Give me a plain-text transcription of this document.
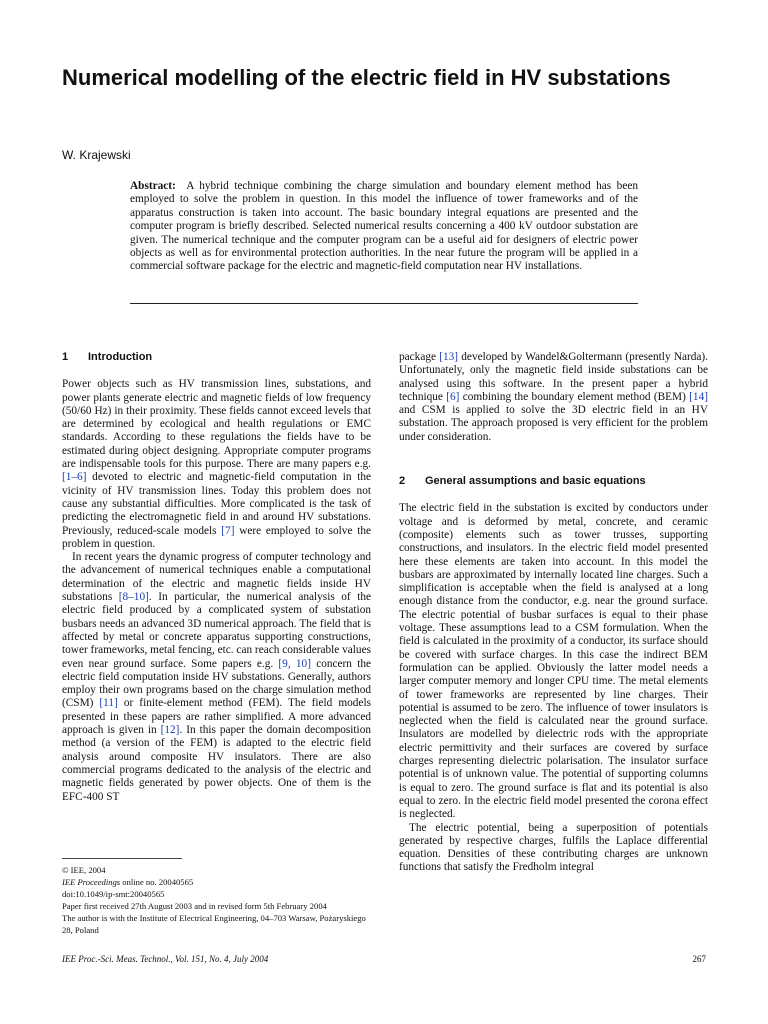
Numerical modelling of the electric field in HV substations
W. Krajewski

Abstract: A hybrid technique combining the charge simulation and boundary element method has been employed to solve the problem in question. In this model the influence of tower frameworks and of the apparatus construction is taken into account. The basic boundary integral equations are presented and the computer program is briefly described. Selected numerical results concerning a 400 kV outdoor substation are given. The numerical technique and the computer program can be a useful aid for designers of electric power objects as well as for environmental protection authorities. In the near future the program will be applied in a commercial software package for the electric and magnetic-field computation near HV installations.

1 Introduction

Power objects such as HV transmission lines, substations, and power plants generate electric and magnetic fields of low frequency (50/60 Hz) in their proximity. These fields cannot exceed levels that are determined by ecological and health regulations or EMC standards. According to these regulations the fields have to be estimated during object designing. Appropriate computer programs are indispensable tools for this purpose. There are many papers e.g. [1–6] devoted to electric and magnetic-field computation in the vicinity of HV transmission lines. Today this problem does not cause any substantial difficulties. More complicated is the task of predicting the electromagnetic field in and around HV substations. Previously, reduced-scale models [7] were employed to solve the problem in question.

In recent years the dynamic progress of computer technology and the advancement of numerical techniques enable a computational determination of the electric and magnetic fields inside HV substations [8–10]. In particular, the numerical analysis of the electric field produced by a complicated system of substation busbars needs an advanced 3D numerical approach. The field that is affected by metal or concrete apparatus supporting constructions, tower frameworks, metal fencing, etc. can reach considerable values even near ground surface. Some papers e.g. [9, 10] concern the electric field computation inside HV substations. Generally, authors employ their own programs based on the charge simulation method (CSM) [11] or finite-element method (FEM). The field models presented in these papers are rather simplified. A more advanced approach is given in [12]. In this paper the domain decomposition method (a version of the FEM) is adapted to the electric field analysis around composite HV insulators. There are also commercial programs dedicated to the analysis of the electric and magnetic fields generated by power objects. One of them is the EFC-400 ST

© IEE, 2004
IEE Proceedings online no. 20040565
doi:10.1049/ip-smt:20040565
Paper first received 27th August 2003 and in revised form 5th February 2004
The author is with the Institute of Electrical Engineering, 04–703 Warsaw, Pożaryskiego 28, Poland

package [13] developed by Wandel&Goltermann (presently Narda). Unfortunately, only the magnetic field inside substations can be analysed using this software. In the present paper a hybrid technique [6] combining the boundary element method (BEM) [14] and CSM is applied to solve the 3D electric field in an HV substation. The approach proposed is very efficient for the problem under consideration.

2 General assumptions and basic equations

The electric field in the substation is excited by conductors under voltage and is deformed by metal, concrete, and ceramic (composite) elements such as tower trusses, supporting constructions, and insulators. In the electric field model presented here these elements are taken into account. In this model the busbars are approximated by internally located line charges. Such a simplification is acceptable when the field is analysed at a long enough distance from the conductor, e.g. near the ground surface. The electric potential of busbar surfaces is equal to their phase voltage. These assumptions lead to a CSM formulation. When the field is calculated in the proximity of a conductor, its surface should be covered with surface charges. In this case the indirect BEM formulation can be applied. Obviously the latter model needs a larger computer memory and longer CPU time. The metal elements of tower frameworks are represented by line charges. Their potential is assumed to be zero. The influence of tower insulators is neglected when the field is calculated near the ground surface. Insulators are modelled by dielectric rods with the appropriate electric permittivity and their surfaces are covered by surface charges representing dielectric polarisation. The insulator surface potential is of unknown value. The potential of supporting columns is equal to zero. The ground surface is flat and its potential is also equal to zero. In the electric field model presented the corona effect is neglected.

The electric potential, being a superposition of potentials generated by respective charges, fulfils the Laplace differential equation. Densities of these contributing charges are unknown functions that satisfy the Fredholm integral

IEE Proc.-Sci. Meas. Technol., Vol. 151, No. 4, July 2004	267
